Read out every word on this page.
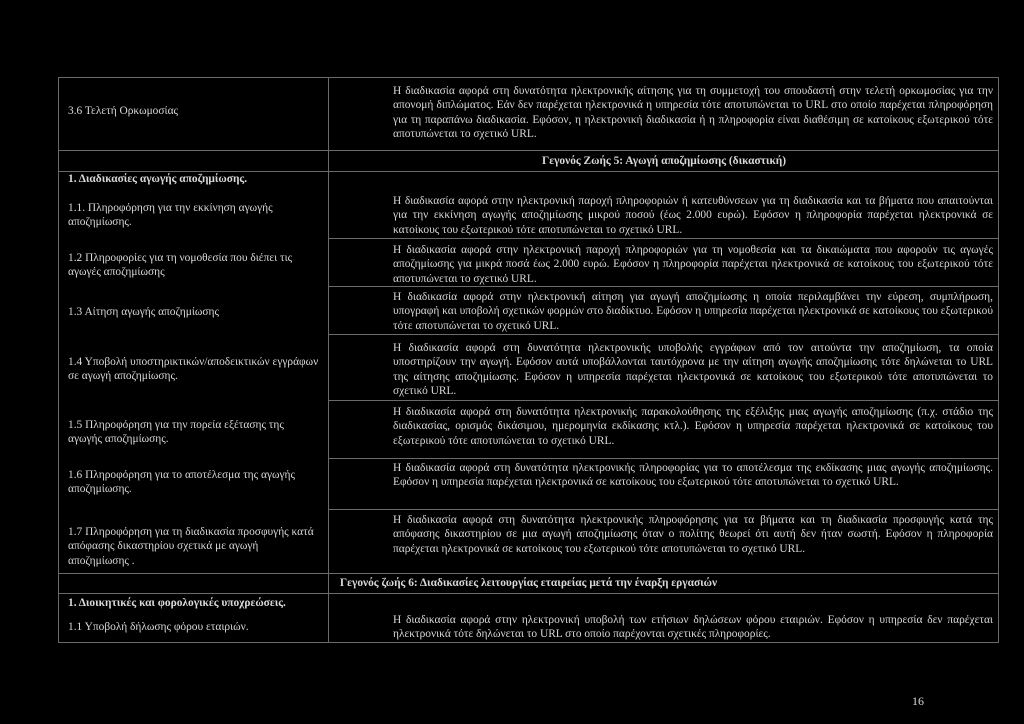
3.6 Τελετή Ορκωμοσίας
1. Διαδικασίες αγωγής αποζημίωσης.
1.1. Πληροφόρηση για την εκκίνηση αγωγής αποζημίωσης.
1.2 Πληροφορίες για τη νομοθεσία που διέπει τις αγωγές αποζημίωσης
1.3 Αίτηση αγωγής αποζημίωσης
1.4 Υποβολή υποστηρικτικών/αποδεικτικών εγγράφων σε αγωγή αποζημίωσης.
1.5 Πληροφόρηση για την πορεία εξέτασης της αγωγής αποζημίωσης.
1.6 Πληροφόρηση για το αποτέλεσμα της αγωγής αποζημίωσης.
1.7 Πληροφόρηση για τη διαδικασία προσφυγής κατά απόφασης δικαστηρίου σχετικά με αγωγή αποζημίωσης .
1. Διοικητικές και φορολογικές υποχρεώσεις.
1.1 Υποβολή δήλωσης φόρου εταιριών.
Η διαδικασία αφορά στη δυνατότητα ηλεκτρονικής αίτησης για τη συμμετοχή του σπουδαστή στην τελετή ορκωμοσίας για την απονομή διπλώματος. Εάν δεν παρέχεται ηλεκτρονικά η υπηρεσία τότε αποτυπώνεται το URL στο οποίο παρέχεται πληροφόρηση για τη παραπάνω διαδικασία. Εφόσον, η ηλεκτρονική διαδικασία ή η πληροφορία είναι διαθέσιμη σε κατοίκους εξωτερικού τότε αποτυπώνεται το σχετικό URL.
Γεγονός Ζωής 5: Αγωγή αποζημίωσης (δικαστική)
Η διαδικασία αφορά στην ηλεκτρονική παροχή πληροφοριών ή κατευθύνσεων για τη διαδικασία και τα βήματα που απαιτούνται για την εκκίνηση αγωγής αποζημίωσης μικρού ποσού (έως 2.000 ευρώ). Εφόσον η πληροφορία παρέχεται ηλεκτρονικά σε κατοίκους του εξωτερικού τότε αποτυπώνεται το σχετικό URL.
Η διαδικασία αφορά στην ηλεκτρονική παροχή πληροφοριών για τη νομοθεσία και τα δικαιώματα που αφορούν τις αγωγές αποζημίωσης για μικρά ποσά έως 2.000 ευρώ. Εφόσον η πληροφορία παρέχεται ηλεκτρονικά σε κατοίκους του εξωτερικού τότε αποτυπώνεται το σχετικό URL.
Η διαδικασία αφορά στην ηλεκτρονική αίτηση για αγωγή αποζημίωσης η οποία περιλαμβάνει την εύρεση, συμπλήρωση, υπογραφή και υποβολή σχετικών φορμών στο διαδίκτυο. Εφόσον η υπηρεσία παρέχεται ηλεκτρονικά σε κατοίκους του εξωτερικού τότε αποτυπώνεται το σχετικό URL.
Η διαδικασία αφορά στη δυνατότητα ηλεκτρονικής υποβολής εγγράφων από τον αιτούντα την αποζημίωση, τα οποία υποστηρίζουν την αγωγή. Εφόσον αυτά υποβάλλονται ταυτόχρονα με την αίτηση αγωγής αποζημίωσης τότε δηλώνεται το URL της αίτησης αποζημίωσης. Εφόσον η υπηρεσία παρέχεται ηλεκτρονικά σε κατοίκους του εξωτερικού τότε αποτυπώνεται το σχετικό URL.
Η διαδικασία αφορά στη δυνατότητα ηλεκτρονικής παρακολούθησης της εξέλιξης μιας αγωγής αποζημίωσης (π.χ. στάδιο της διαδικασίας, ορισμός δικάσιμου, ημερομηνία εκδίκασης κτλ.). Εφόσον η υπηρεσία παρέχεται ηλεκτρονικά σε κατοίκους του εξωτερικού τότε αποτυπώνεται το σχετικό URL.
Η διαδικασία αφορά στη δυνατότητα ηλεκτρονικής πληροφορίας για το αποτέλεσμα της εκδίκασης μιας αγωγής αποζημίωσης. Εφόσον η υπηρεσία παρέχεται ηλεκτρονικά σε κατοίκους του εξωτερικού τότε αποτυπώνεται το σχετικό URL.
Η διαδικασία αφορά στη δυνατότητα ηλεκτρονικής πληροφόρησης για τα βήματα και τη διαδικασία προσφυγής κατά της απόφασης δικαστηρίου σε μια αγωγή αποζημίωσης όταν ο πολίτης θεωρεί ότι αυτή δεν ήταν σωστή. Εφόσον η πληροφορία παρέχεται ηλεκτρονικά σε κατοίκους του εξωτερικού τότε αποτυπώνεται το σχετικό URL.
Γεγονός ζωής 6: Διαδικασίες λειτουργίας εταιρείας μετά την έναρξη εργασιών
Η διαδικασία αφορά στην ηλεκτρονική υποβολή των ετήσιων δηλώσεων φόρου εταιριών. Εφόσον η υπηρεσία δεν παρέχεται ηλεκτρονικά τότε δηλώνεται το URL στο οποίο παρέχονται σχετικές πληροφορίες.
16
